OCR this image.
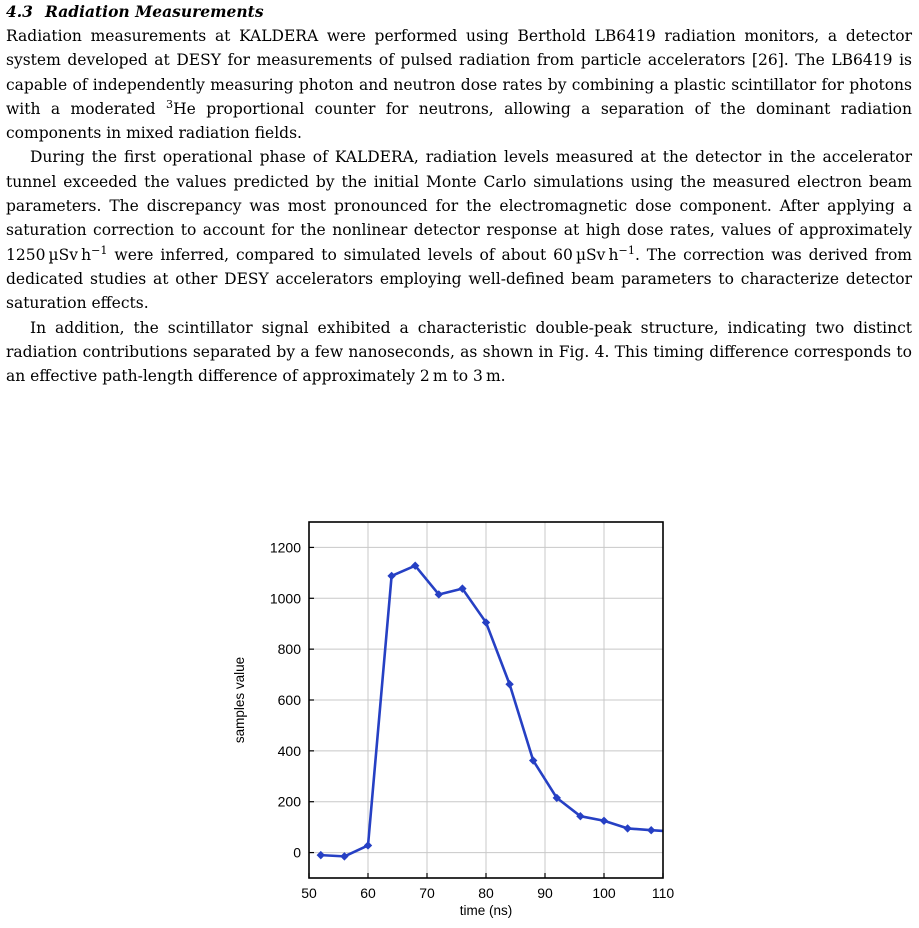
4.3 Radiation Measurements

Radiation measurements at KALDERA were performed using Berthold LB6419 radiation monitors, a detector system developed at DESY for measurements of pulsed radiation from particle accelerators [26]. The LB6419 is capable of independently measuring photon and neutron dose rates by combining a plastic scintillator for photons with a moderated $^3$He proportional counter for neutrons, allowing a separation of the dominant radiation components in mixed radiation fields.

During the first operational phase of KALDERA, radiation levels measured at the detector in the accelerator tunnel exceeded the values predicted by the initial Monte Carlo simulations using the measured electron beam parameters. The discrepancy was most pronounced for the electromagnetic dose component. After applying a saturation correction to account for the nonlinear detector response at high dose rates, values of approximately 1250 µSv $h^{-1}$ were inferred, compared to simulated levels of about 60 µSv $h^{-1}$. The correction was derived from dedicated studies at other DESY accelerators employing well-defined beam parameters to characterize detector saturation effects.

In addition, the scintillator signal exhibited a characteristic double-peak structure, indicating two distinct radiation contributions separated by a few nanoseconds, as shown in Fig. 4. This timing difference corresponds to an effective path-length difference of approximately 2 m to 3 m.

50	60	70	80	90	100	110
0
200
400
600
800
1000
1200
time (ns)
samples value
